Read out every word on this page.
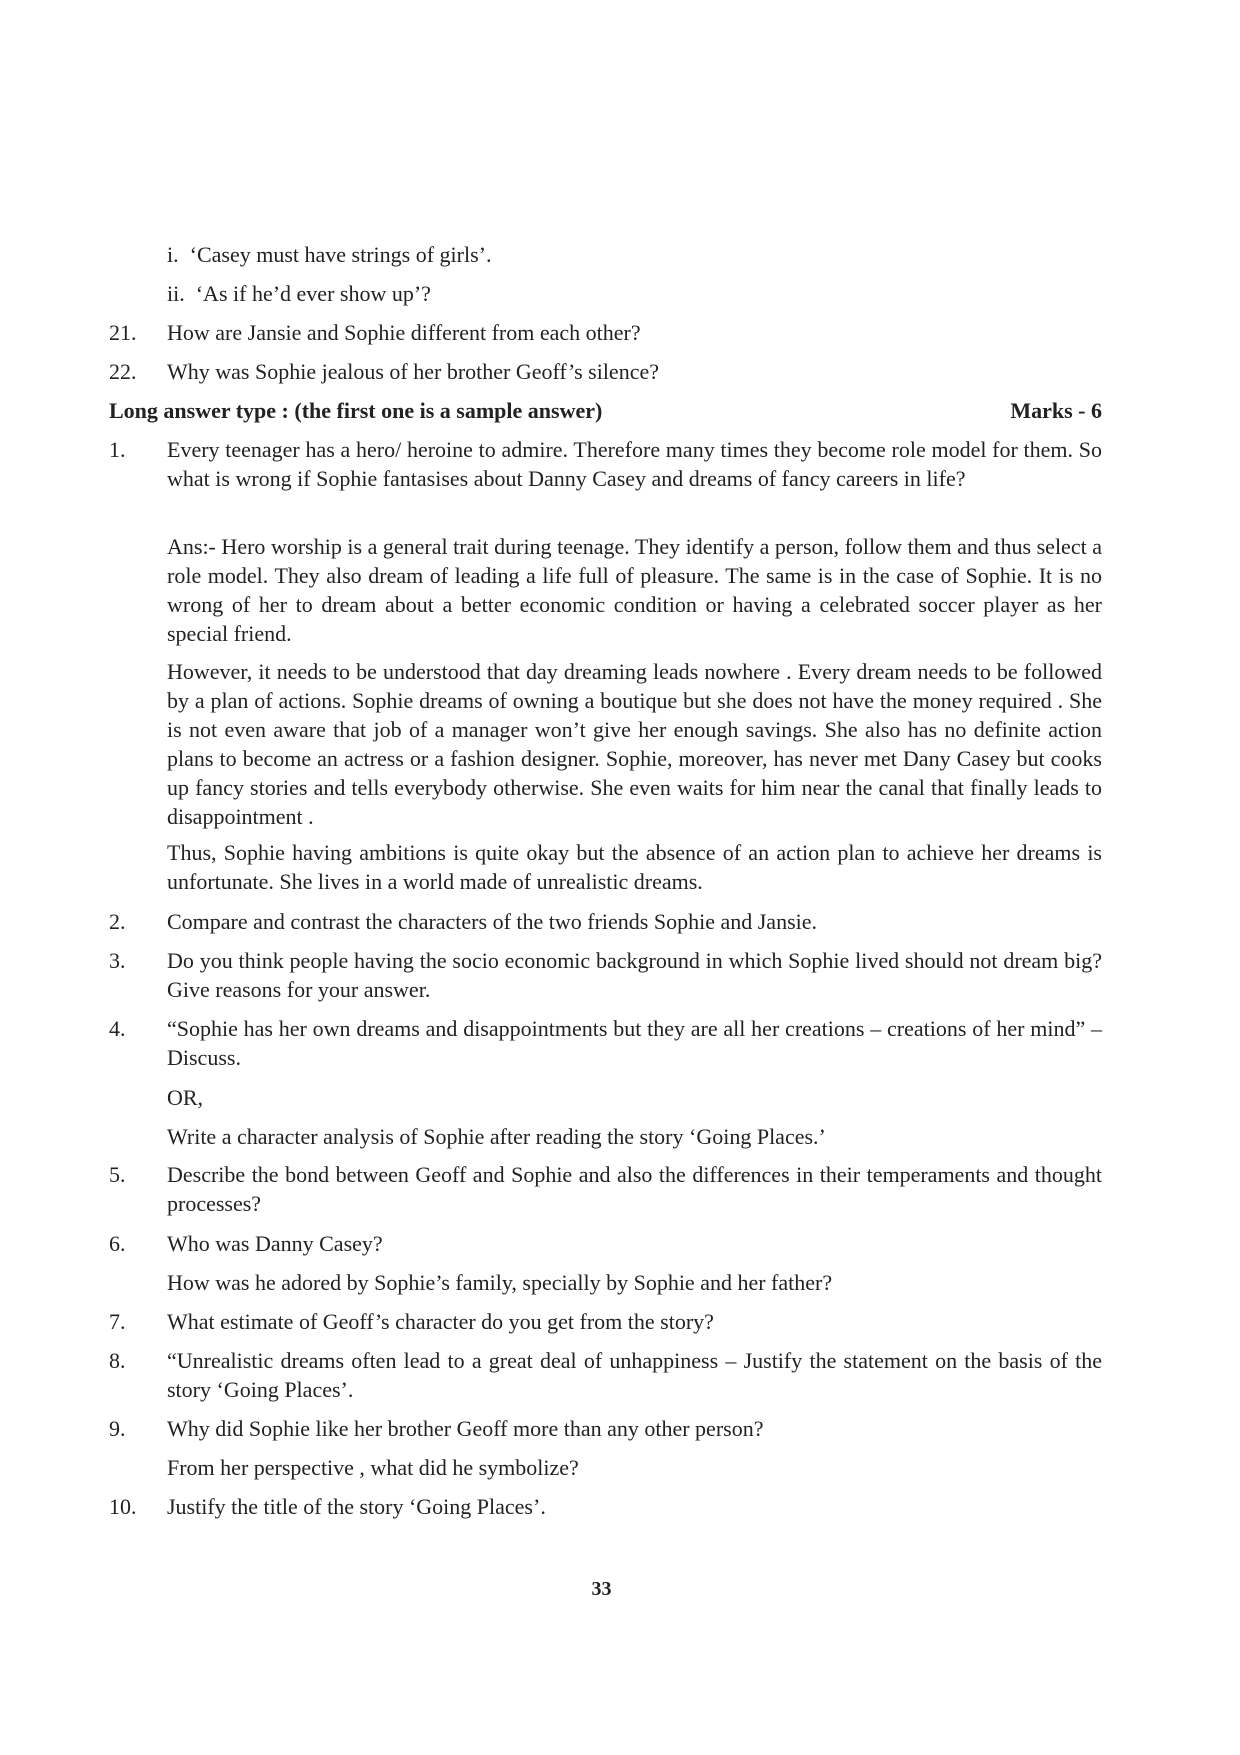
i. ‘Casey must have strings of girls’.
ii. ‘As if he’d ever show up’?
21. How are Jansie and Sophie different from each other?
22. Why was Sophie jealous of her brother Geoff’s silence?
Long answer type : (the first one is a sample answer)	Marks - 6
1. Every teenager has a hero/ heroine to admire. Therefore many times they become role model for them. So what is wrong if Sophie fantasises about Danny Casey and dreams of fancy careers in life?
Ans:- Hero worship is a general trait during teenage. They identify a person, follow them and thus select a role model. They also dream of leading a life full of pleasure. The same is in the case of Sophie. It is no wrong of her to dream about a better economic condition or having a celebrated soccer player as her special friend.
However, it needs to be understood that day dreaming leads nowhere . Every dream needs to be followed by a plan of actions. Sophie dreams of owning a boutique but she does not have the money required . She is not even aware that job of a manager won’t give her enough savings. She also has no definite action plans to become an actress or a fashion designer. Sophie, moreover, has never met Dany Casey but cooks up fancy stories and tells everybody otherwise. She even waits for him near the canal that finally leads to disappointment .
Thus, Sophie having ambitions is quite okay but the absence of an action plan to achieve her dreams is unfortunate. She lives in a world made of unrealistic dreams.
2. Compare and contrast the characters of the two friends Sophie and Jansie.
3. Do you think people having the socio economic background in which Sophie lived should not dream big? Give reasons for your answer.
4. “Sophie has her own dreams and disappointments but they are all her creations – creations of her mind” – Discuss.
OR,
Write a character analysis of Sophie after reading the story ‘Going Places.’
5. Describe the bond between Geoff and Sophie and also the differences in their temperaments and thought processes?
6. Who was Danny Casey?
How was he adored by Sophie’s family, specially by Sophie and her father?
7. What estimate of Geoff’s character do you get from the story?
8. “Unrealistic dreams often lead to a great deal of unhappiness – Justify the statement on the basis of the story ‘Going Places’.
9. Why did Sophie like her brother Geoff more than any other person?
From her perspective , what did he symbolize?
10. Justify the title of the story ‘Going Places’.
33
